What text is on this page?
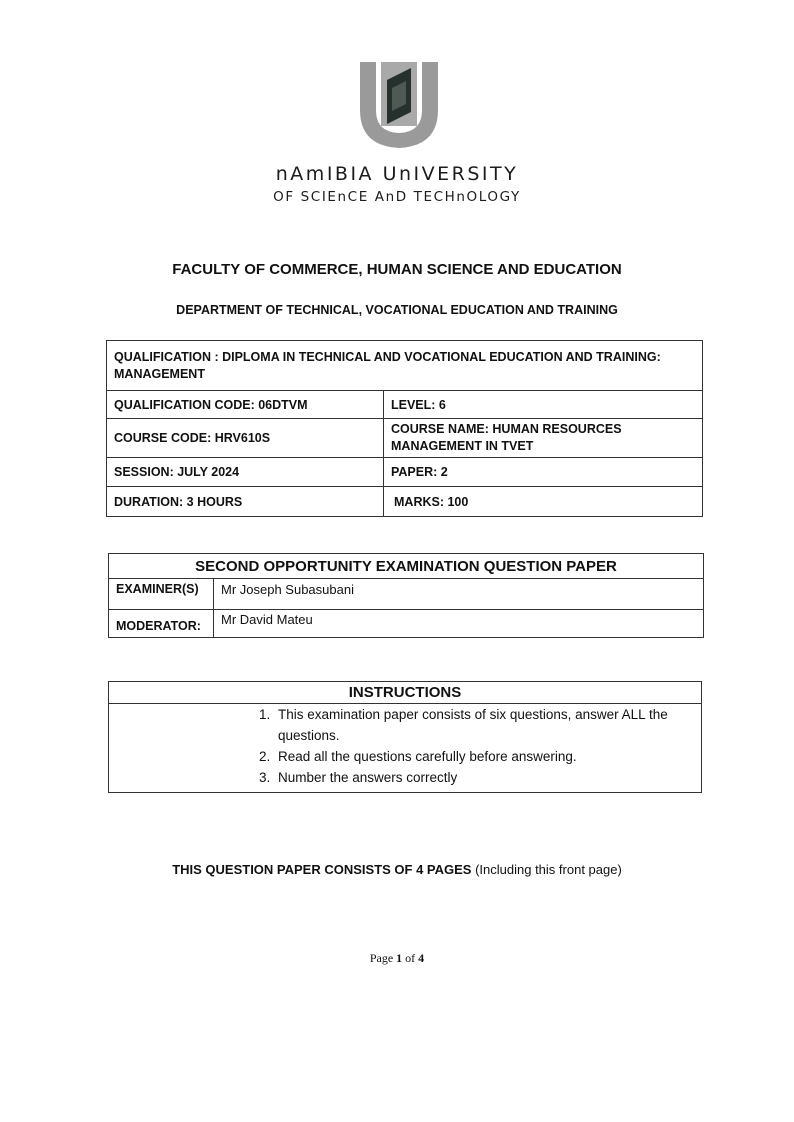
nAmIBIA UnIVERSITY
OF SCIEnCE AnD TECHnOLOGY
FACULTY OF COMMERCE, HUMAN SCIENCE AND EDUCATION
DEPARTMENT OF TECHNICAL, VOCATIONAL EDUCATION AND TRAINING
QUALIFICATION : DIPLOMA IN TECHNICAL AND VOCATIONAL EDUCATION AND TRAINING: MANAGEMENT	
QUALIFICATION CODE: 06DTVM	LEVEL: 6
COURSE CODE: HRV610S	COURSE NAME: HUMAN RESOURCES MANAGEMENT IN TVET
SESSION: JULY 2024	PAPER: 2
DURATION: 3 HOURS	MARKS: 100
SECOND OPPORTUNITY EXAMINATION QUESTION PAPER	
EXAMINER(S)	Mr Joseph Subasubani
MODERATOR:	Mr David Mateu
INSTRUCTIONS

1. This examination paper consists of six questions, answer ALL the questions.
2. Read all the questions carefully before answering.
3. Number the answers correctly
THIS QUESTION PAPER CONSISTS OF 4 PAGES (Including this front page)
Page 1 of 4
